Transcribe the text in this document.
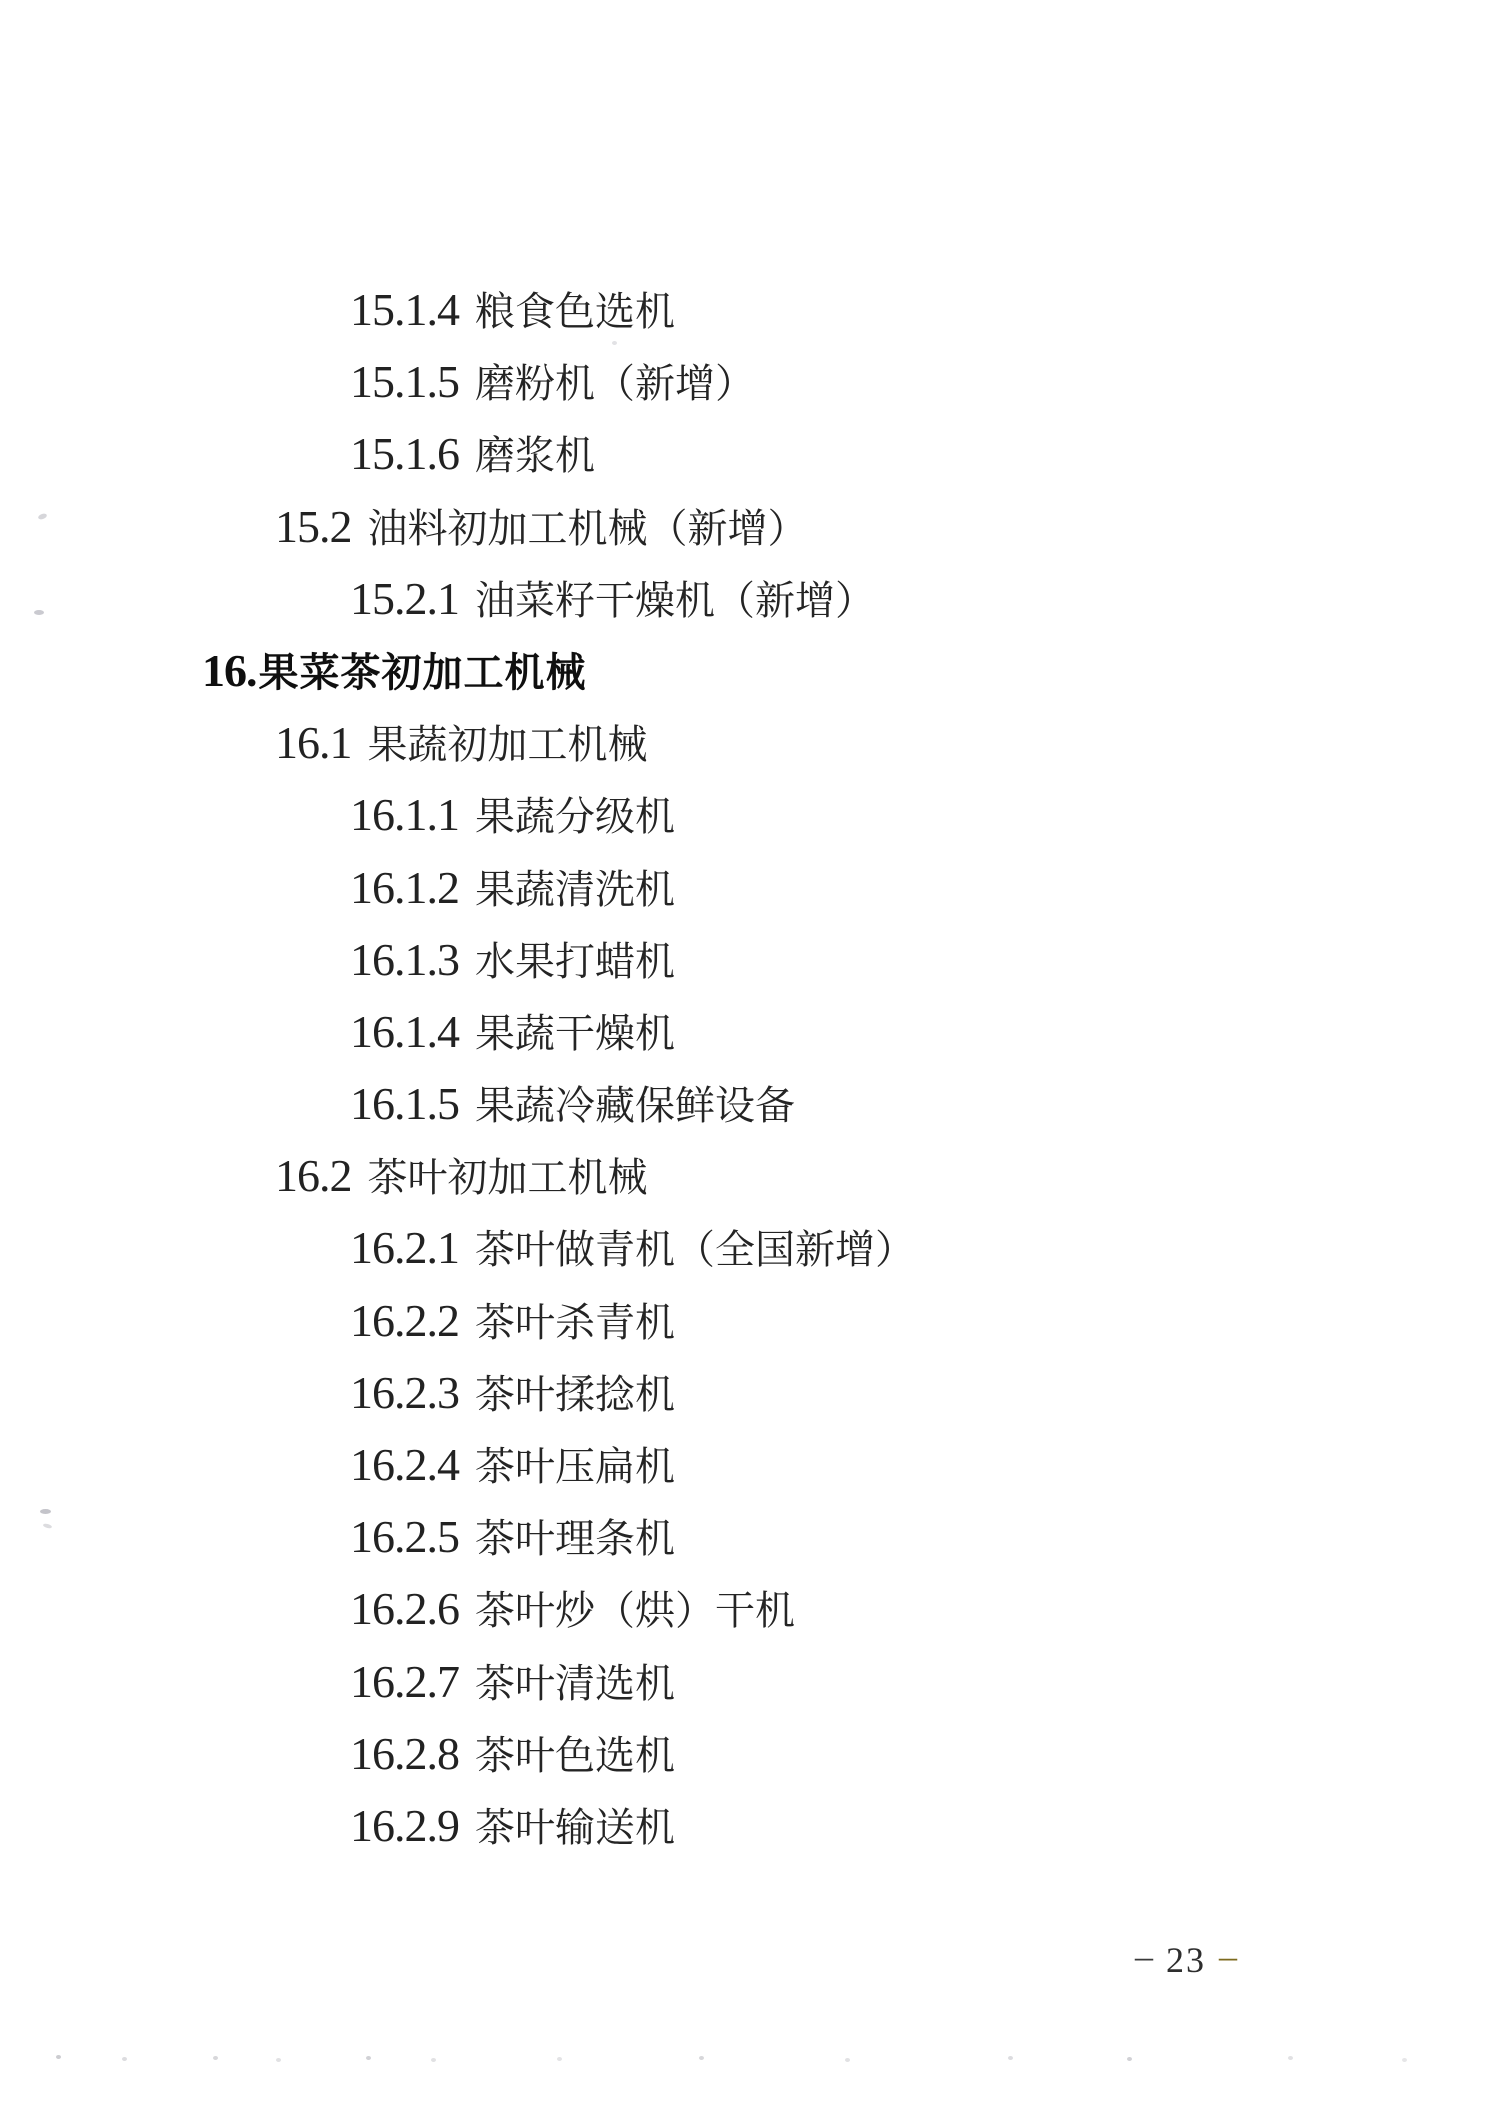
15.1.4 粮食色选机
15.1.5 磨粉机（新增）
15.1.6 磨浆机
15.2 油料初加工机械（新增）
15.2.1 油菜籽干燥机（新增）
16.果菜茶初加工机械
16.1 果蔬初加工机械
16.1.1 果蔬分级机
16.1.2 果蔬清洗机
16.1.3 水果打蜡机
16.1.4 果蔬干燥机
16.1.5 果蔬冷藏保鲜设备
16.2 茶叶初加工机械
16.2.1 茶叶做青机（全国新增）
16.2.2 茶叶杀青机
16.2.3 茶叶揉捻机
16.2.4 茶叶压扁机
16.2.5 茶叶理条机
16.2.6 茶叶炒（烘）干机
16.2.7 茶叶清选机
16.2.8 茶叶色选机
16.2.9 茶叶输送机
– 23 –
